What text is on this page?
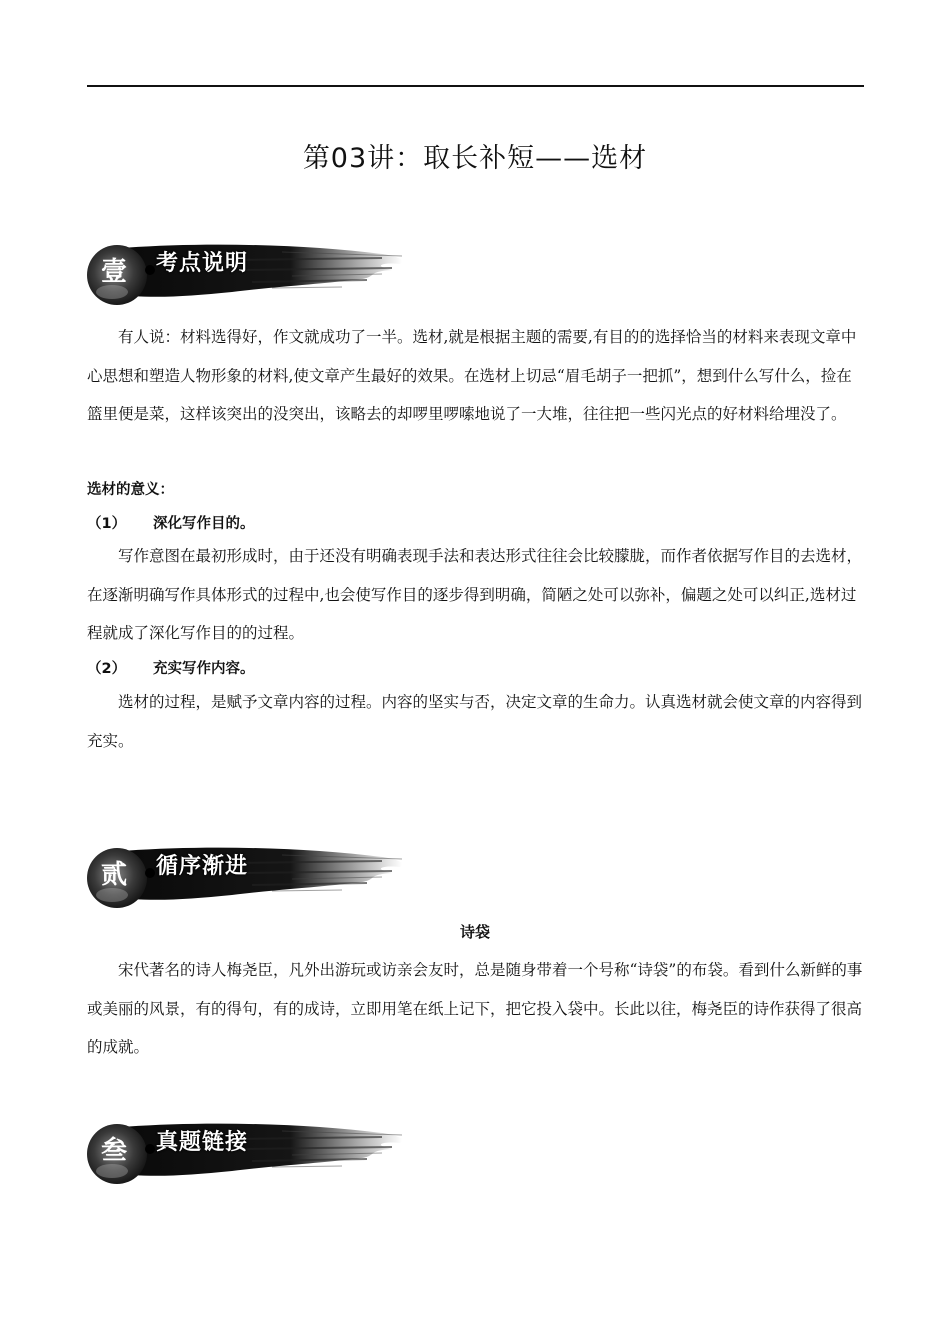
第03讲：取长补短——选材
壹	考点说明

有人说：材料选得好，作文就成功了一半。选材,就是根据主题的需要,有目的的选择恰当的材料来表现文章中心思想和塑造人物形象的材料,使文章产生最好的效果。在选材上切忌“眉毛胡子一把抓”，想到什么写什么，捡在篮里便是菜，这样该突出的没突出，该略去的却啰里啰嗦地说了一大堆，往往把一些闪光点的好材料给埋没了。

选材的意义：
（1） 深化写作目的。

写作意图在最初形成时，由于还没有明确表现手法和表达形式往往会比较朦胧，而作者依据写作目的去选材，在逐渐明确写作具体形式的过程中,也会使写作目的逐步得到明确，简陋之处可以弥补，偏题之处可以纠正,选材过程就成了深化写作目的的过程。

（2） 充实写作内容。

选材的过程，是赋予文章内容的过程。内容的坚实与否，决定文章的生命力。认真选材就会使文章的内容得到充实。

贰	循序渐进
诗袋

宋代著名的诗人梅尧臣，凡外出游玩或访亲会友时，总是随身带着一个号称“诗袋”的布袋。看到什么新鲜的事或美丽的风景，有的得句，有的成诗，立即用笔在纸上记下，把它投入袋中。长此以往，梅尧臣的诗作获得了很高的成就。

叁	真题链接
